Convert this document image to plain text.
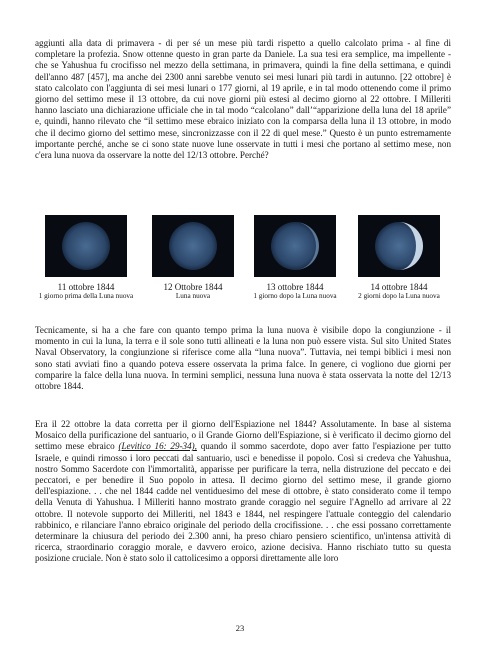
aggiunti alla data di primavera - di per sé un mese più tardi rispetto a quello calcolato prima - al fine di completare la profezia. Snow ottenne questo in gran parte da Daniele. La sua tesi era semplice, ma impellente - che se Yahushua fu crocifisso nel mezzo della settimana, in primavera, quindi la fine della settimana, e quindi dell'anno 487 [457], ma anche dei 2300 anni sarebbe venuto sei mesi lunari più tardi in autunno. [22 ottobre] è stato calcolato con l'aggiunta di sei mesi lunari o 177 giorni, al 19 aprile, e in tal modo ottenendo come il primo giorno del settimo mese il 13 ottobre, da cui nove giorni più estesi al decimo giorno al 22 ottobre. I Milleriti hanno lasciato una dichiarazione ufficiale che in tal modo “calcolano” dall’“apparizione della luna del 18 aprile” e, quindi, hanno rilevato che “il settimo mese ebraico iniziato con la comparsa della luna il 13 ottobre, in modo che il decimo giorno del settimo mese, sincronizzasse con il 22 di quel mese.” Questo è un punto estremamente importante perché, anche se ci sono state nuove lune osservate in tutti i mesi che portano al settimo mese, non c'era luna nuova da osservare la notte del 12/13 ottobre. Perché?
11 ottobre 1844
1 giorno prima della Luna nuova
12 Ottobre 1844
Luna nuova
13 ottobre 1844
1 giorno dopo la Luna nuova
14 ottobre 1844
2 giorni dopo la Luna nuova
Tecnicamente, si ha a che fare con quanto tempo prima la luna nuova è visibile dopo la congiunzione - il momento in cui la luna, la terra e il sole sono tutti allineati e la luna non può essere vista. Sul sito United States Naval Observatory, la congiunzione si riferisce come alla “luna nuova”. Tuttavia, nei tempi biblici i mesi non sono stati avviati fino a quando poteva essere osservata la prima falce. In genere, ci vogliono due giorni per comparire la falce della luna nuova. In termini semplici, nessuna luna nuova è stata osservata la notte del 12/13 ottobre 1844.
Era il 22 ottobre la data corretta per il giorno dell'Espiazione nel 1844? Assolutamente. In base al sistema Mosaico della purificazione del santuario, o il Grande Giorno dell'Espiazione, si è verificato il decimo giorno del settimo mese ebraico (Levitico 16: 29-34), quando il sommo sacerdote, dopo aver fatto l'espiazione per tutto Israele, e quindi rimosso i loro peccati dal santuario, uscì e benedisse il popolo. Così si credeva che Yahushua, nostro Sommo Sacerdote con l'immortalità, apparisse per purificare la terra, nella distruzione del peccato e dei peccatori, e per benedire il Suo popolo in attesa. Il decimo giorno del settimo mese, il grande giorno dell'espiazione. . . che nel 1844 cadde nel ventiduesimo del mese di ottobre, è stato considerato come il tempo della Venuta di Yahushua. I Milleriti hanno mostrato grande coraggio nel seguire l'Agnello ad arrivare al 22 ottobre. Il notevole supporto dei Milleriti, nel 1843 e 1844, nel respingere l'attuale conteggio del calendario rabbinico, e rilanciare l'anno ebraico originale del periodo della crocifissione. . . che essi possano correttamente determinare la chiusura del periodo dei 2.300 anni, ha preso chiaro pensiero scientifico, un'intensa attività di ricerca, straordinario coraggio morale, e davvero eroico, azione decisiva. Hanno rischiato tutto su questa posizione cruciale. Non è stato solo il cattolicesimo a opporsi direttamente alle loro
23
